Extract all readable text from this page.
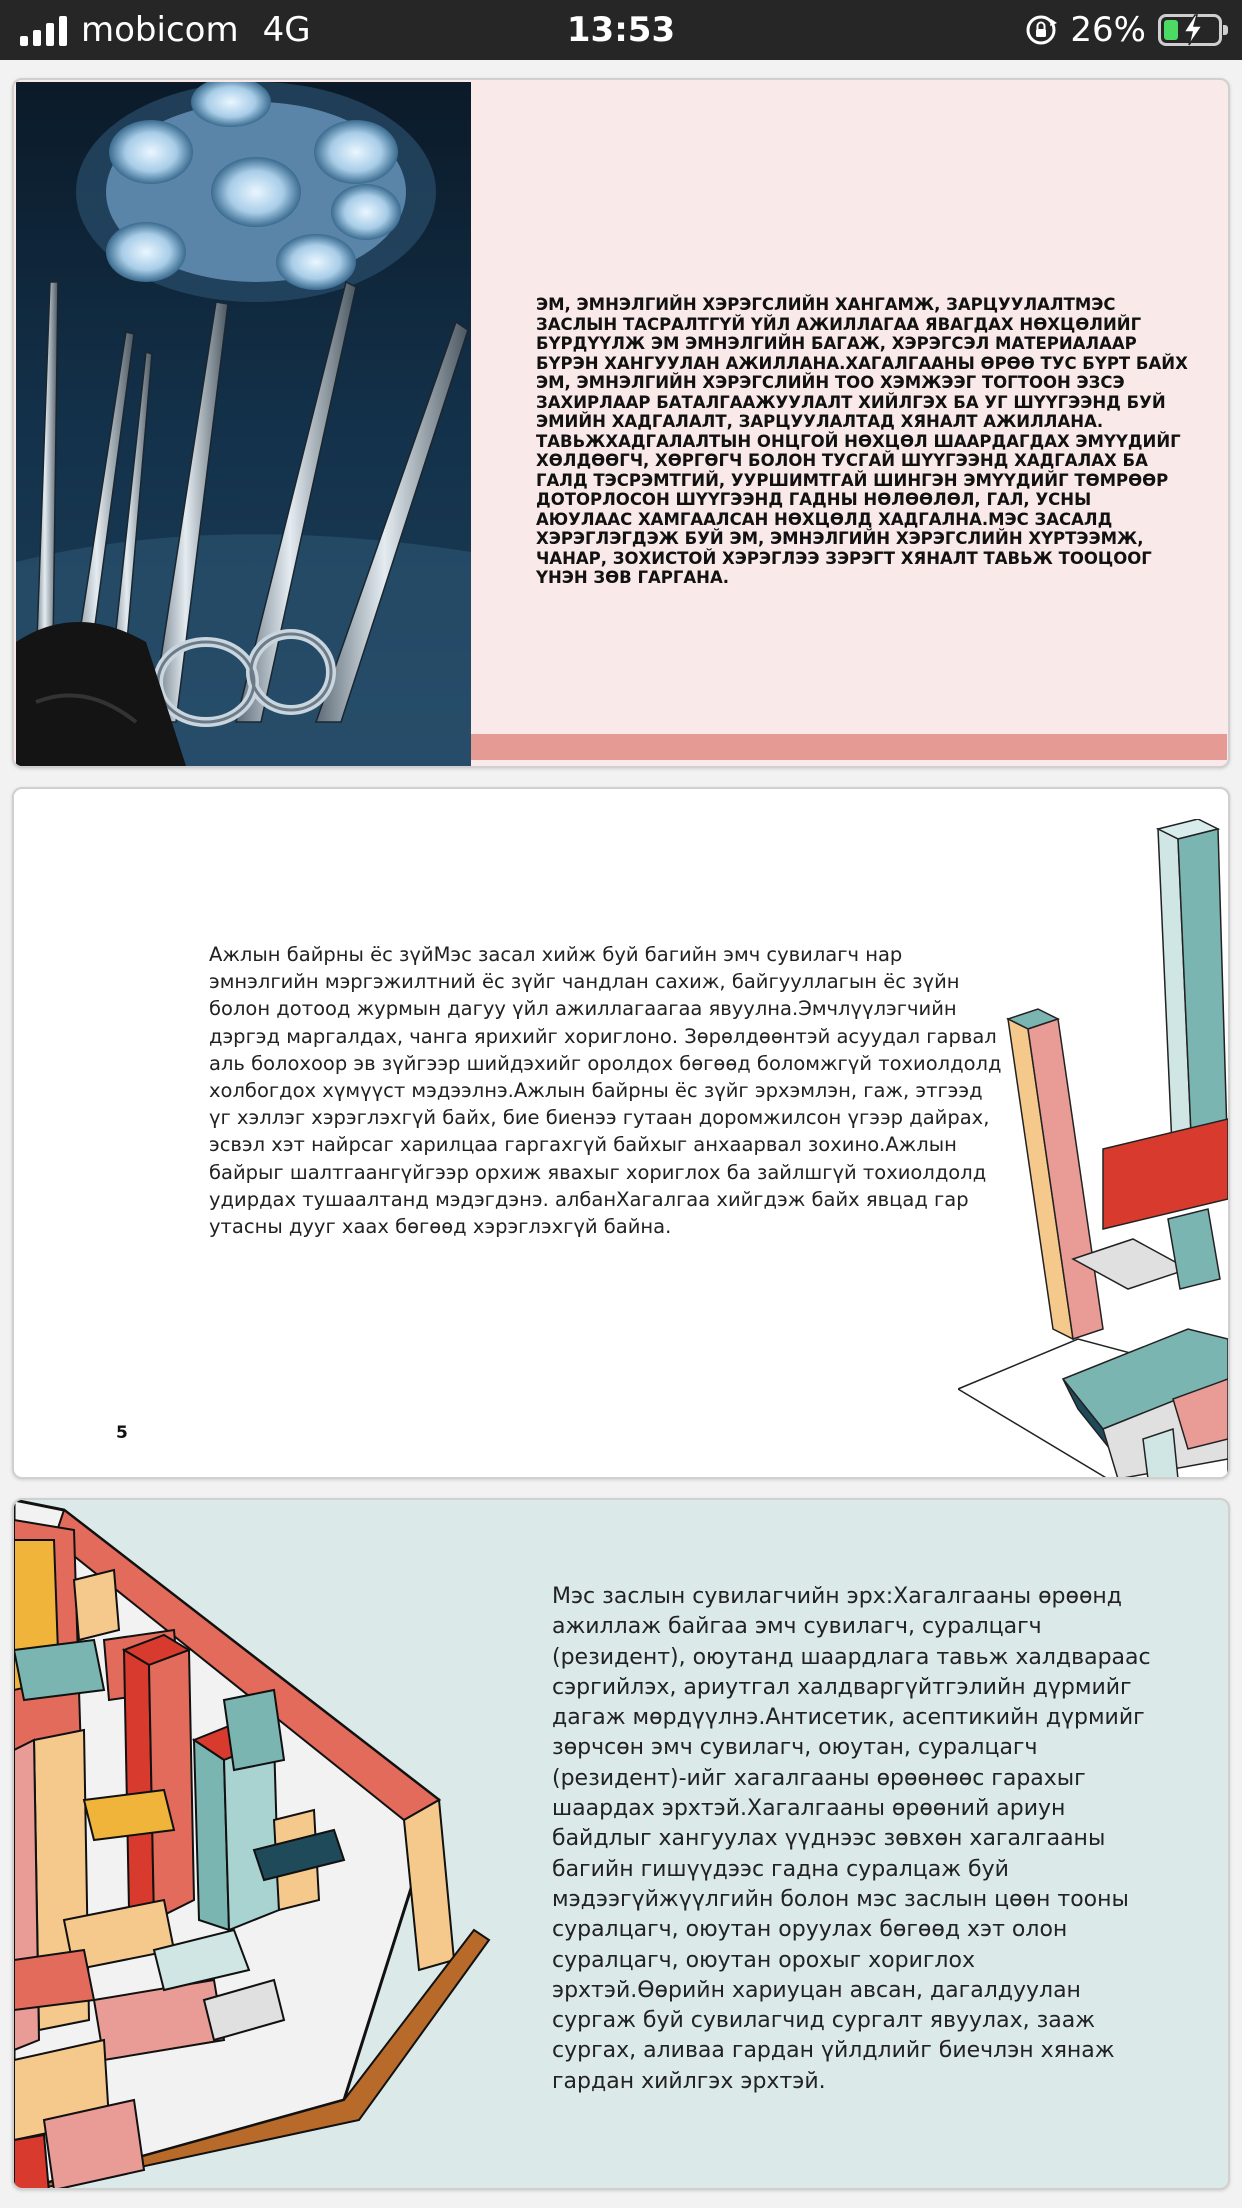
mobicom 4G	13:53	26%
ЭМ, ЭМНЭЛГИЙН ХЭРЭГСЛИЙН ХАНГАМЖ, ЗАРЦУУЛАЛТМЭС ЗАСЛЫН ТАСРАЛТГҮЙ ҮЙЛ АЖИЛЛАГАА ЯВАГДАХ НӨХЦӨЛИЙГ БҮРДҮҮЛЖ ЭМ ЭМНЭЛГИЙН БАГАЖ, ХЭРЭГСЭЛ МАТЕРИАЛААР БҮРЭН ХАНГУУЛАН АЖИЛЛАНА.ХАГАЛГААНЫ ӨРӨӨ ТУС БҮРТ БАЙХ ЭМ, ЭМНЭЛГИЙН ХЭРЭГСЛИЙН ТОО ХЭМЖЭЭГ ТОГТООН ЭЗСЭ ЗАХИРЛААР БАТАЛГААЖУУЛАЛТ ХИЙЛГЭХ БА УГ ШҮҮГЭЭНД БУЙ ЭМИЙН ХАДГАЛАЛТ, ЗАРЦУУЛАЛТАД ХЯНАЛТ АЖИЛЛАНА. ТАВЬЖХАДГАЛАЛТЫН ОНЦГОЙ НӨХЦӨЛ ШААРДАГДАХ ЭМҮҮДИЙГ ХӨЛДӨӨГЧ, ХӨРГӨГЧ БОЛОН ТУСГАЙ ШҮҮГЭЭНД ХАДГАЛАХ БА ГАЛД ТЭСРЭМТГИЙ, УУРШИМТГАЙ ШИНГЭН ЭМҮҮДИЙГ ТӨМРӨӨР ДОТОРЛОСОН ШҮҮГЭЭНД ГАДНЫ НӨЛӨӨЛӨЛ, ГАЛ, УСНЫ АЮУЛААС ХАМГААЛСАН НӨХЦӨЛД ХАДГАЛНА.МЭС ЗАСАЛД ХЭРЭГЛЭГДЭЖ БУЙ ЭМ, ЭМНЭЛГИЙН ХЭРЭГСЛИЙН ХҮРТЭЭМЖ, ЧАНАР, ЗОХИСТОЙ ХЭРЭГЛЭЭ ЗЭРЭГТ ХЯНАЛТ ТАВЬЖ ТООЦООГ ҮНЭН ЗӨВ ГАРГАНА.
Ажлын байрны ёс зүйМэс засал хийж буй багийн эмч сувилагч нар эмнэлгийн мэргэжилтний ёс зүйг чандлан сахиж, байгууллагын ёс зүйн болон дотоод журмын дагуу үйл ажиллагаагаа явуулна.Эмчлүүлэгчийн дэргэд маргалдах, чанга ярихийг хориглоно. Зөрөлдөөнтэй асуудал гарвал аль болохоор эв зүйгээр шийдэхийг оролдох бөгөөд боломжгүй тохиолдолд холбогдох хүмүүст мэдээлнэ.Ажлын байрны ёс зүйг эрхэмлэн, гаж, этгээд үг хэллэг хэрэглэхгүй байх, бие биенээ гутаан доромжилсон үгээр дайрах, эсвэл хэт найрсаг харилцаа гаргахгүй байхыг анхаарвал зохино.Ажлын байрыг шалтгаангүйгээр орхиж явахыг хориглох ба зайлшгүй тохиолдолд удирдах тушаалтанд мэдэгдэнэ. албанХагалгаа хийгдэж байх явцад гар утасны дууг хаах бөгөөд хэрэглэхгүй байна.
5
Мэс заслын сувилагчийн эрх:Хагалгааны өрөөнд ажиллаж байгаа эмч сувилагч, суралцагч (резидент), оюутанд шаардлага тавьж халдвараас сэргийлэх, ариутгал халдваргүйтгэлийн дүрмийг дагаж мөрдүүлнэ.Антисетик, асептикийн дүрмийг зөрчсөн эмч сувилагч, оюутан, суралцагч (резидент)-ийг хагалгааны өрөөнөөс гарахыг шаардах эрхтэй.Хагалгааны өрөөний ариун байдлыг хангуулах үүднээс зөвхөн хагалгааны багийн гишүүдээс гадна суралцаж буй мэдээгүйжүүлгийн болон мэс заслын цөөн тооны суралцагч, оюутан оруулах бөгөөд хэт олон суралцагч, оюутан орохыг хориглох эрхтэй.Өөрийн хариуцан авсан, дагалдуулан сургаж буй сувилагчид сургалт явуулах, зааж сургах, аливаа гардан үйлдлийг биечлэн хянаж гардан хийлгэх эрхтэй.
